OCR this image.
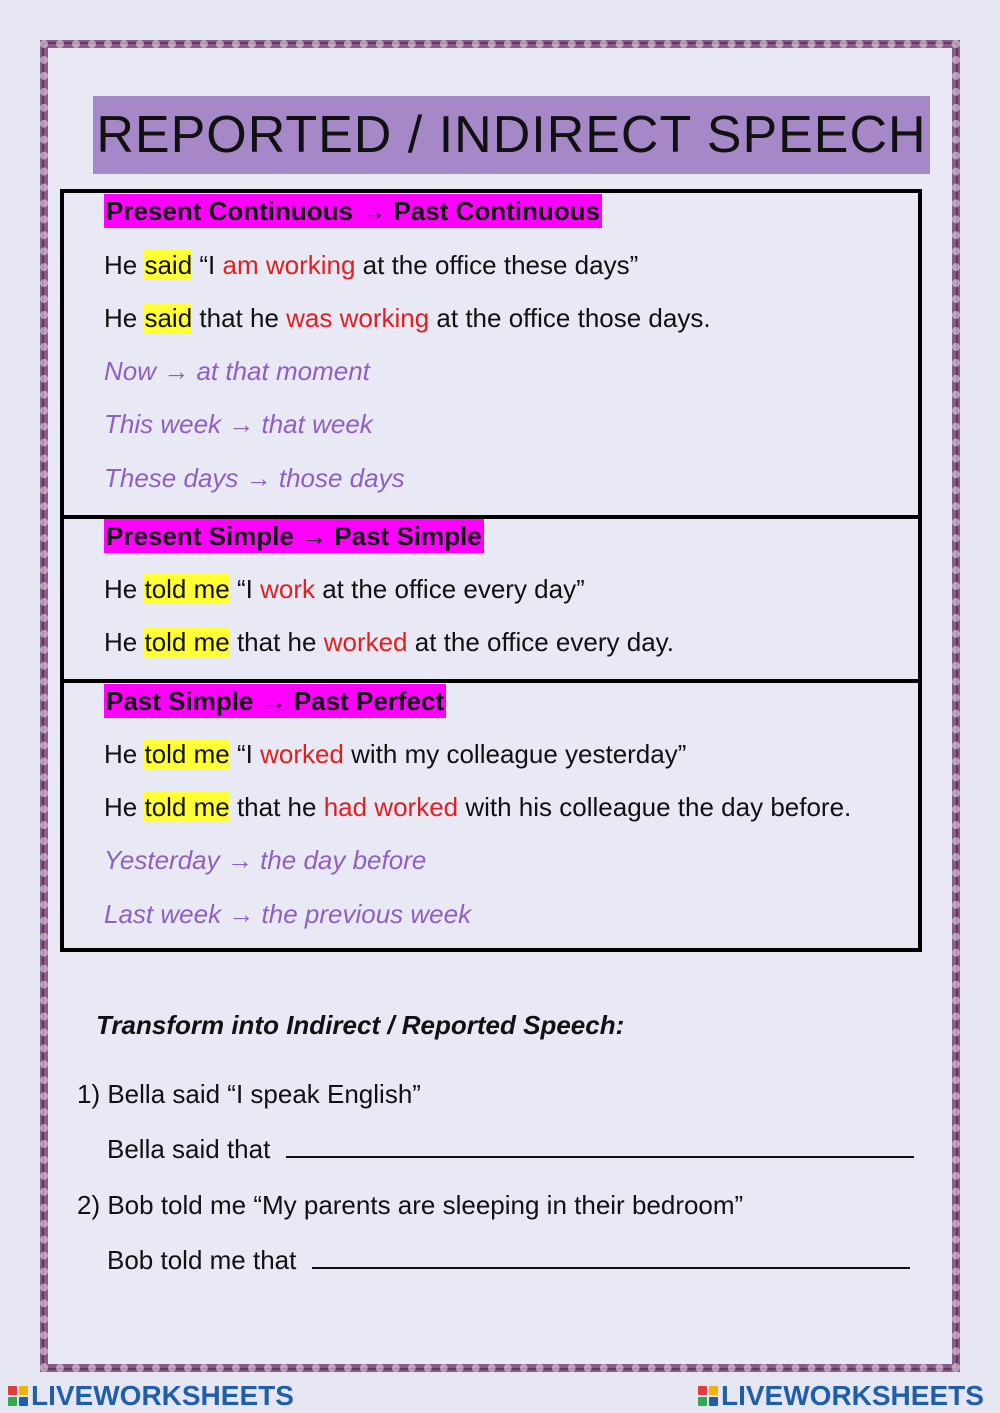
REPORTED / INDIRECT SPEECH
Present Continuous → Past Continuous
He said “I am working at the office these days”
He said that he was working at the office those days.
Now → at that moment
This week → that week
These days → those days
Present Simple → Past Simple
He told me “I work at the office every day”
He told me that he worked at the office every day.
Past Simple → Past Perfect
He told me “I worked with my colleague yesterday”
He told me that he had worked with his colleague the day before.
Yesterday → the day before
Last week → the previous week
Transform into Indirect / Reported Speech:
1) Bella said “I speak English”
Bella said that
2) Bob told me “My parents are sleeping in their bedroom”
Bob told me that
LIVEWORKSHEETS	LIVEWORKSHEETS
